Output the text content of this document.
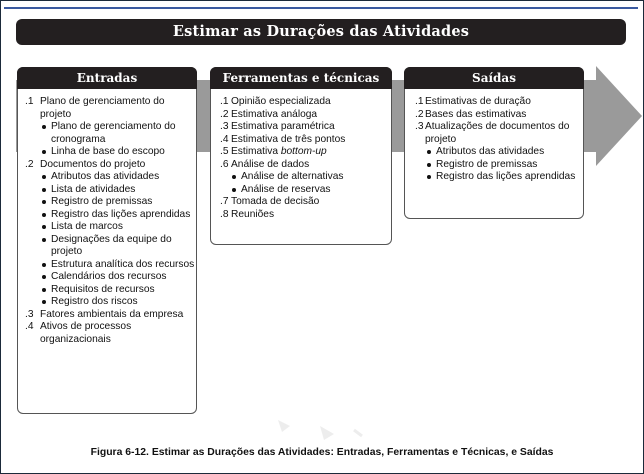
Estimar as Durações das Atividades
Entradas
.1 Plano de gerenciamento do projeto
Plano de gerenciamento do cronograma
Linha de base do escopo
.2 Documentos do projeto
Atributos das atividades
Lista de atividades
Registro de premissas
Registro das lições aprendidas
Lista de marcos
Designações da equipe do projeto
Estrutura analítica dos recursos
Calendários dos recursos
Requisitos de recursos
Registro dos riscos
.3 Fatores ambientais da empresa
.4 Ativos de processos organizacionais
Ferramentas e técnicas
.1 Opinião especializada
.2 Estimativa análoga
.3 Estimativa paramétrica
.4 Estimativa de três pontos
.5 Estimativa bottom-up
.6 Análise de dados
Análise de alternativas
Análise de reservas
.7 Tomada de decisão
.8 Reuniões
Saídas
.1 Estimativas de duração
.2 Bases das estimativas
.3 Atualizações de documentos do projeto
Atributos das atividades
Registro de premissas
Registro das lições aprendidas
Figura 6-12. Estimar as Durações das Atividades: Entradas, Ferramentas e Técnicas, e Saídas
